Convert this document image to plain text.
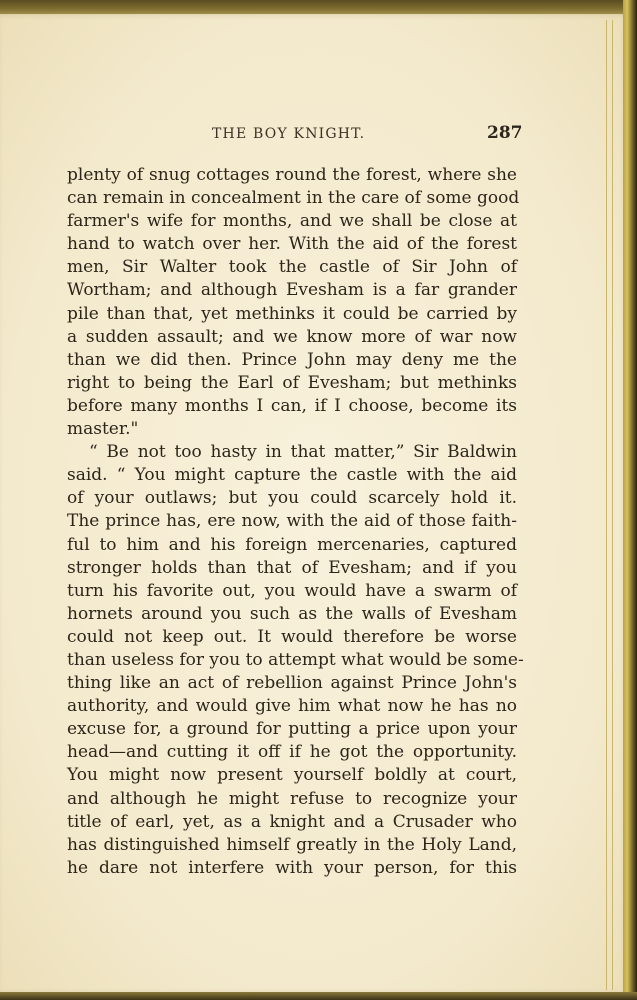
THE BOY KNIGHT.	287
plenty of snug cottages round the forest, where she
can remain in concealment in the care of some good
farmer's wife for months, and we shall be close at
hand to watch over her. With the aid of the forest
men, Sir Walter took the castle of Sir John of
Wortham; and although Evesham is a far grander
pile than that, yet methinks it could be carried by
a sudden assault; and we know more of war now
than we did then. Prince John may deny me the
right to being the Earl of Evesham; but methinks
before many months I can, if I choose, become its
master."
“ Be not too hasty in that matter,” Sir Baldwin
said. “ You might capture the castle with the aid
of your outlaws; but you could scarcely hold it.
The prince has, ere now, with the aid of those faith-
ful to him and his foreign mercenaries, captured
stronger holds than that of Evesham; and if you
turn his favorite out, you would have a swarm of
hornets around you such as the walls of Evesham
could not keep out. It would therefore be worse
than useless for you to attempt what would be some-
thing like an act of rebellion against Prince John's
authority, and would give him what now he has no
excuse for, a ground for putting a price upon your
head—and cutting it off if he got the opportunity.
You might now present yourself boldly at court,
and although he might refuse to recognize your
title of earl, yet, as a knight and a Crusader who
has distinguished himself greatly in the Holy Land,
he dare not interfere with your person, for this
